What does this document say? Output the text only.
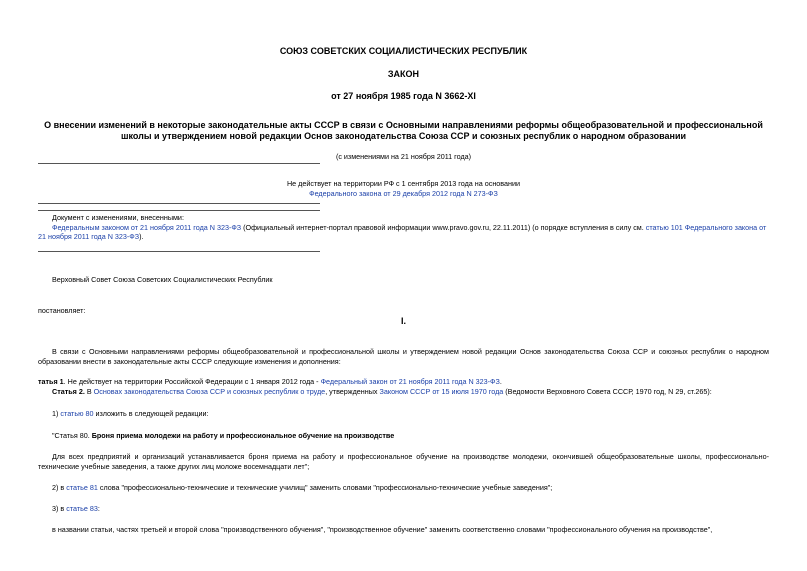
СОЮЗ СОВЕТСКИХ СОЦИАЛИСТИЧЕСКИХ РЕСПУБЛИК
ЗАКОН
от 27 ноября 1985 года N 3662-XI
О внесении изменений в некоторые законодательные акты СССР в связи с Основными направлениями реформы общеобразовательной и профессиональной
школы и утверждением новой редакции Основ законодательства Союза ССР и союзных республик о народном образовании
(с изменениями на 21 ноября 2011 года)
Не действует на территории РФ с 1 сентября 2013 года на основании
Федерального закона от 29 декабря 2012 года N 273-ФЗ
Документ с изменениями, внесенными:
Федеральным законом от 21 ноября 2011 года N 323-ФЗ (Официальный интернет-портал правовой информации www.pravo.gov.ru, 22.11.2011) (о порядке вступления в силу см. статью 101 Федерального закона от 21 ноября 2011 года N 323-ФЗ).
Верховный Совет Союза Советских Социалистических Республик
постановляет:
I.
В связи с Основными направлениями реформы общеобразовательной и профессиональной школы и утверждением новой редакции Основ законодательства Союза ССР и союзных республик о народном образовании внести в законодательные акты СССР следующие изменения и дополнения:
татья 1. Не действует на территории Российской Федерации с 1 января 2012 года - Федеральный закон от 21 ноября 2011 года N 323-ФЗ.
Статья 2. В Основах законодательства Союза ССР и союзных республик о труде, утвержденных Законом СССР от 15 июля 1970 года (Ведомости Верховного Совета СССР, 1970 год, N 29, ст.265):
1) статью 80 изложить в следующей редакции:
"Статья 80. Броня приема молодежи на работу и профессиональное обучение на производстве
Для всех предприятий и организаций устанавливается броня приема на работу и профессиональное обучение на производстве молодежи, окончившей общеобразовательные школы, профессионально-технические учебные заведения, а также других лиц моложе восемнадцати лет";
2) в статье 81 слова "профессионально-технические и технические училищ" заменить словами "профессионально-технические учебные заведения";
3) в статье 83:
в названии статьи, частях третьей и второй слова "производственного обучения", "производственное обучение" заменить соответственно словами "профессионального обучения на производстве",
